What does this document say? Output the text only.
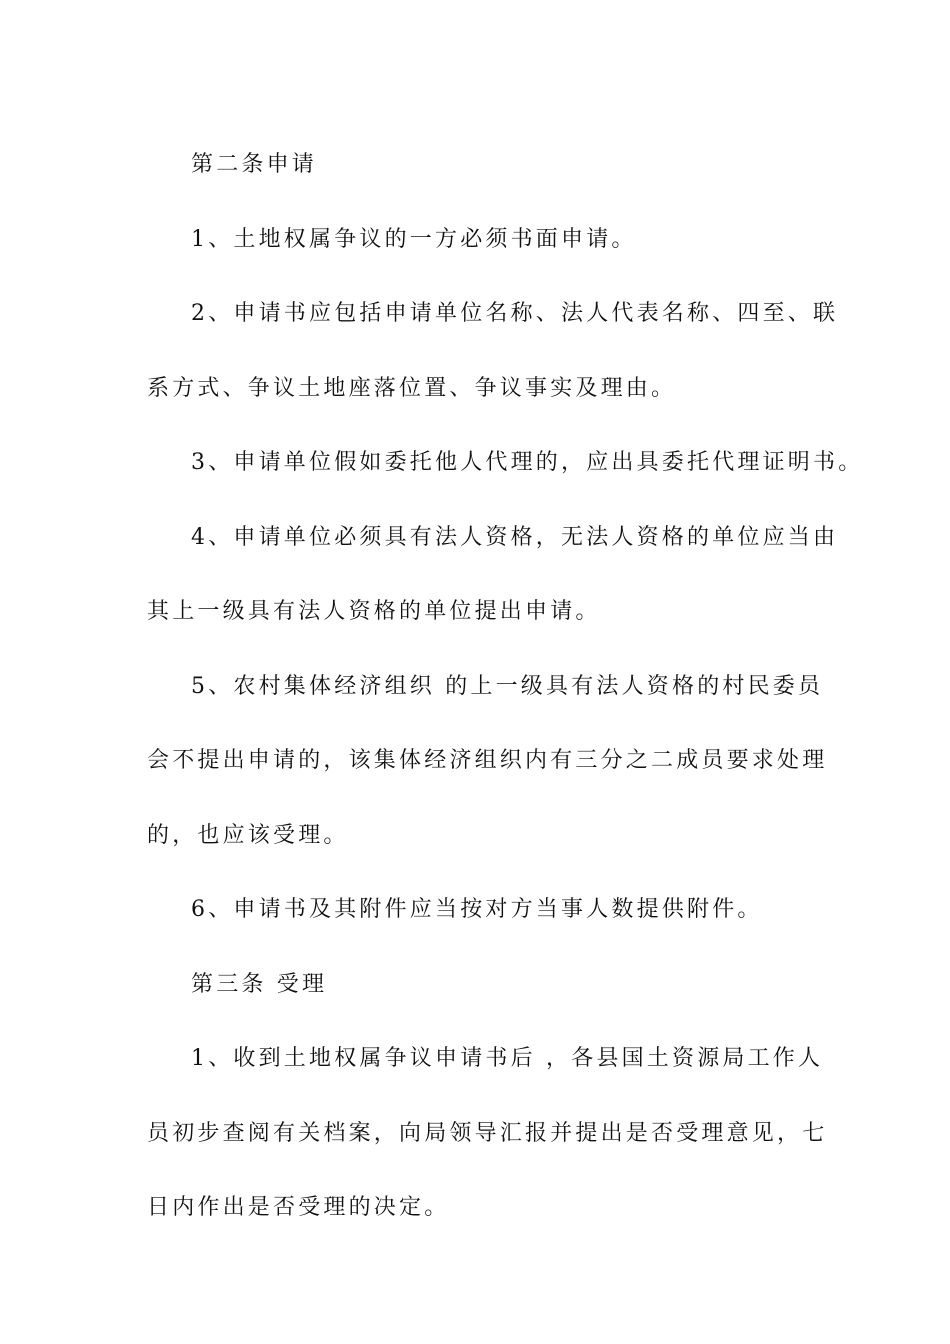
第二条申请

1、土地权属争议的一方必须书面申请。

2、申请书应包括申请单位名称、法人代表名称、四至、联

系方式、争议土地座落位置、争议事实及理由。

3、申请单位假如委托他人代理的，应出具委托代理证明书。

4、申请单位必须具有法人资格，无法人资格的单位应当由

其上一级具有法人资格的单位提出申请。

5、农村集体经济组织 的上一级具有法人资格的村民委员

会不提出申请的，该集体经济组织内有三分之二成员要求处理

的，也应该受理。

6、申请书及其附件应当按对方当事人数提供附件。

第三条 受理

1、收到土地权属争议申请书后 ，各县国土资源局工作人

员初步查阅有关档案，向局领导汇报并提出是否受理意见，七

日内作出是否受理的决定。
